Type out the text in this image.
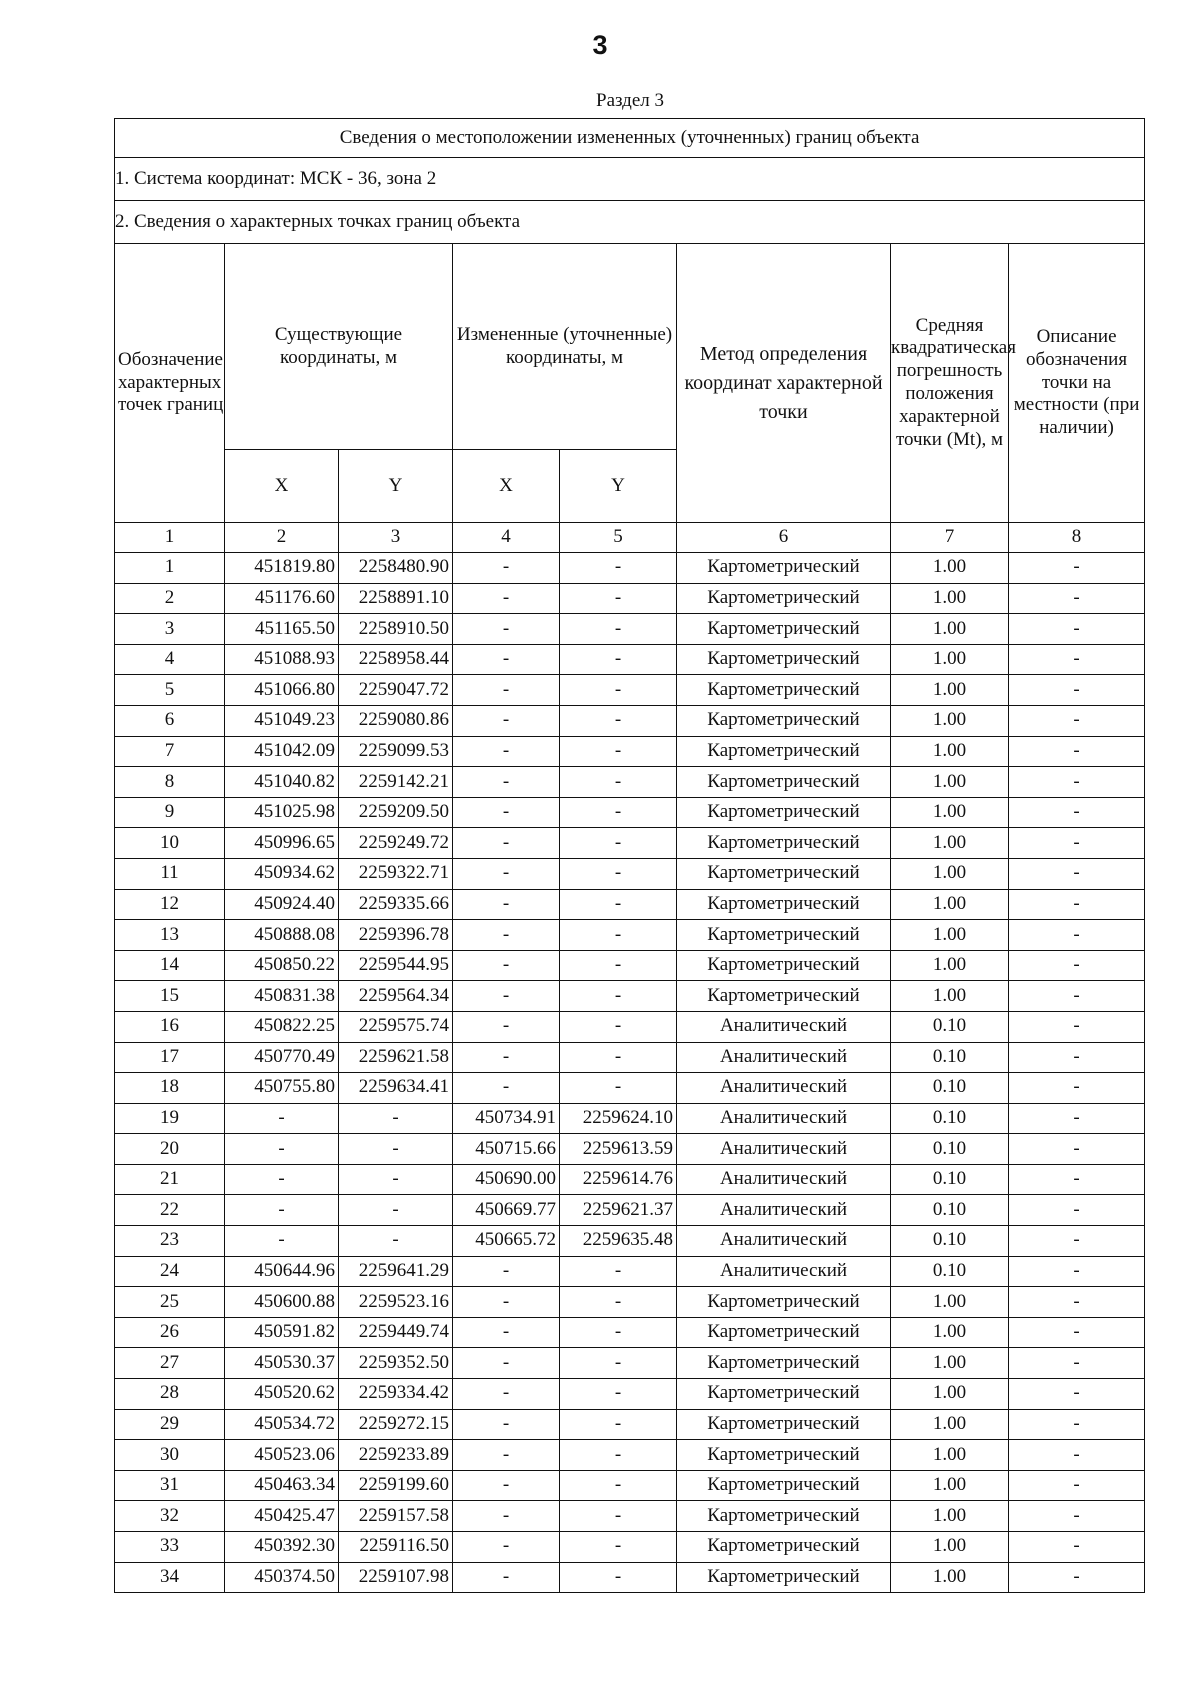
3
Раздел 3
Сведения о местоположении измененных (уточненных) границ объекта							
1. Система координат: МСК - 36, зона 2							
2. Сведения о характерных точках границ объекта							
Обозначение характерных точек границ	Существующие координаты, м		Измененные (уточненные) координаты, м		Метод определения координат характерной точки	Средняя квадратическая погрешность положения характерной точки (Mt), м	Описание обозначения точки на местности (при наличии)
	X	Y	X	Y			
1	2	3	4	5	6	7	8
1	451819.80	2258480.90	-	-	Картометрический	1.00	-
2	451176.60	2258891.10	-	-	Картометрический	1.00	-
3	451165.50	2258910.50	-	-	Картометрический	1.00	-
4	451088.93	2258958.44	-	-	Картометрический	1.00	-
5	451066.80	2259047.72	-	-	Картометрический	1.00	-
6	451049.23	2259080.86	-	-	Картометрический	1.00	-
7	451042.09	2259099.53	-	-	Картометрический	1.00	-
8	451040.82	2259142.21	-	-	Картометрический	1.00	-
9	451025.98	2259209.50	-	-	Картометрический	1.00	-
10	450996.65	2259249.72	-	-	Картометрический	1.00	-
11	450934.62	2259322.71	-	-	Картометрический	1.00	-
12	450924.40	2259335.66	-	-	Картометрический	1.00	-
13	450888.08	2259396.78	-	-	Картометрический	1.00	-
14	450850.22	2259544.95	-	-	Картометрический	1.00	-
15	450831.38	2259564.34	-	-	Картометрический	1.00	-
16	450822.25	2259575.74	-	-	Аналитический	0.10	-
17	450770.49	2259621.58	-	-	Аналитический	0.10	-
18	450755.80	2259634.41	-	-	Аналитический	0.10	-
19	-	-	450734.91	2259624.10	Аналитический	0.10	-
20	-	-	450715.66	2259613.59	Аналитический	0.10	-
21	-	-	450690.00	2259614.76	Аналитический	0.10	-
22	-	-	450669.77	2259621.37	Аналитический	0.10	-
23	-	-	450665.72	2259635.48	Аналитический	0.10	-
24	450644.96	2259641.29	-	-	Аналитический	0.10	-
25	450600.88	2259523.16	-	-	Картометрический	1.00	-
26	450591.82	2259449.74	-	-	Картометрический	1.00	-
27	450530.37	2259352.50	-	-	Картометрический	1.00	-
28	450520.62	2259334.42	-	-	Картометрический	1.00	-
29	450534.72	2259272.15	-	-	Картометрический	1.00	-
30	450523.06	2259233.89	-	-	Картометрический	1.00	-
31	450463.34	2259199.60	-	-	Картометрический	1.00	-
32	450425.47	2259157.58	-	-	Картометрический	1.00	-
33	450392.30	2259116.50	-	-	Картометрический	1.00	-
34	450374.50	2259107.98	-	-	Картометрический	1.00	-
